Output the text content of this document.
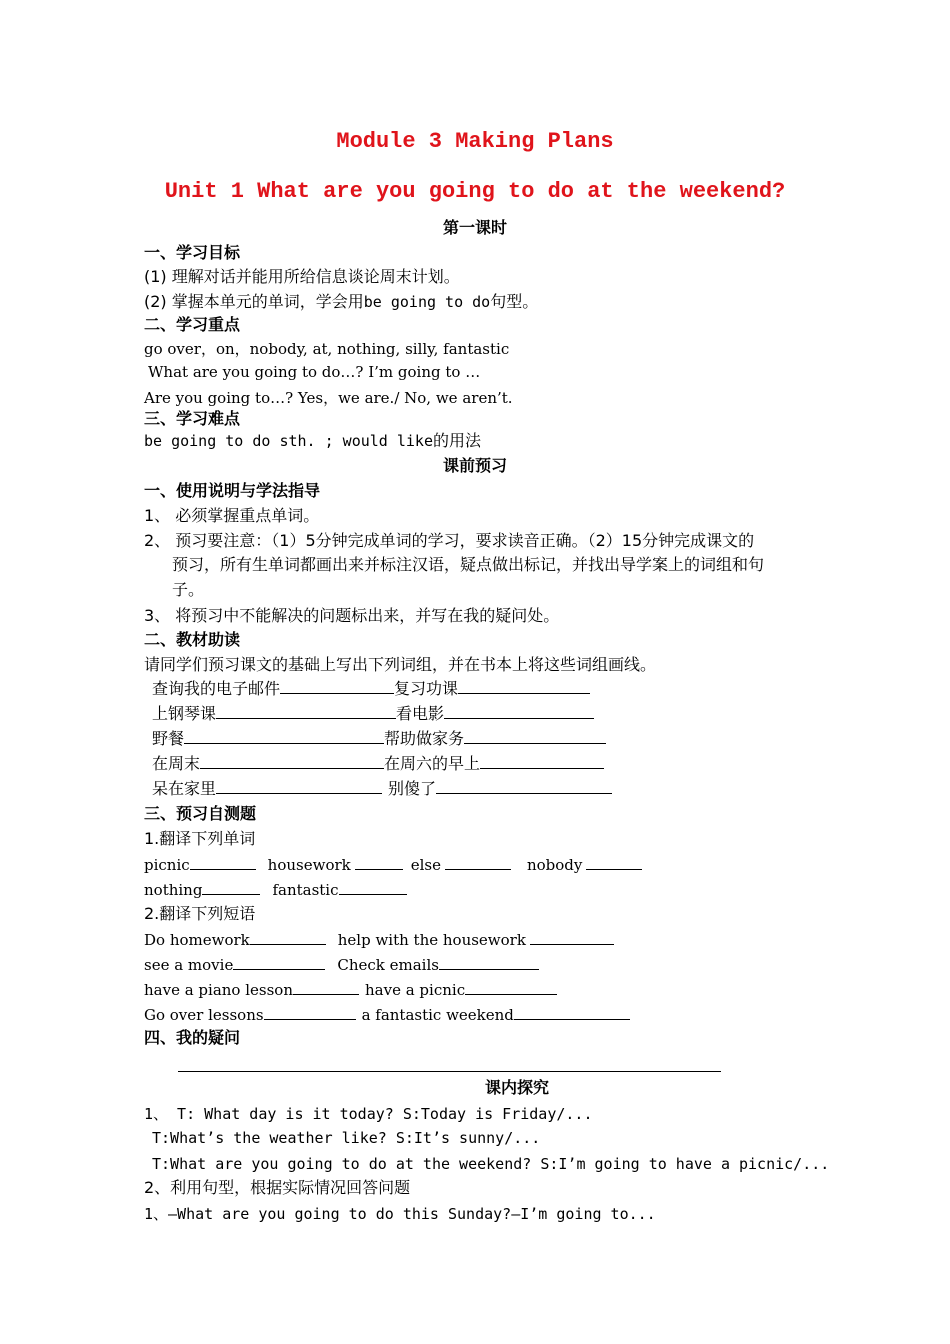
Module 3 Making Plans
Unit 1 What are you going to do at the weekend?
第一课时
一、学习目标
(1) 理解对话并能用所给信息谈论周末计划。
(2) 掌握本单元的单词，学会用be going to do句型。
二、学习重点
go over，on，nobody, at, nothing, silly, fantastic
What are you going to do…? I’m going to …
Are you going to…? Yes，we are./ No, we aren’t.
三、学习难点
be going to do sth. ; would like的用法
课前预习
一、使用说明与学法指导
1、 必须掌握重点单词。
2、 预习要注意：（1）5分钟完成单词的学习，要求读音正确。（2）15分钟完成课文的
预习，所有生单词都画出来并标注汉语，疑点做出标记，并找出导学案上的词组和句
子。
3、 将预习中不能解决的问题标出来，并写在我的疑问处。
二、教材助读
请同学们预习课文的基础上写出下列词组，并在书本上将这些词组画线。
查询我的电子邮件	复习功课
上钢琴课	看电影
野餐	帮助做家务
在周末	在周六的早上
呆在家里	别傻了
三、预习自测题
1.翻译下列单词
picnic	housework	else	nobody
nothing	fantastic
2.翻译下列短语
Do homework	help with the housework
see a movie	Check emails
have a piano lesson	have a picnic
Go over lessons	a fantastic weekend
四、我的疑问
课内探究
1、 T: What day is it today? S:Today is Friday/...
T:What’s the weather like? S:It’s sunny/...
T:What are you going to do at the weekend? S:I’m going to have a picnic/...
2、利用句型，根据实际情况回答问题
1、—What are you going to do this Sunday?—I’m going to...
